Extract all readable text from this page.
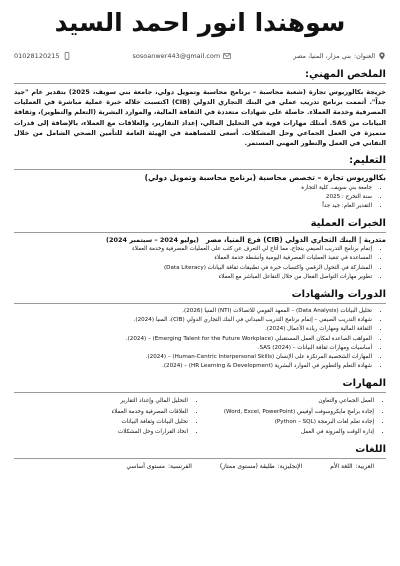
سوهندا انور احمد السيد
العنوان:
بني مزار، المنيا، مصر
sosoanwer443@gmail.com
01028120215
الملخص المهني:

خريجة بكالوريوس تجارة (شعبة محاسبة – برنامج محاسبة وتمويل دولي، جامعة بني سويف، 2025) بتقدير عام "جيد جداً". أتممت برنامج تدريب عملي في البنك التجاري الدولي (CIB) اكتسبت خلاله خبرة عملية مباشرة في العمليات المصرفية وخدمة العملاء. حاصلة على شهادات متعددة في الثقافة المالية، والموارد البشرية (التعلم والتطوير)، وثقافة البيانات من SAS. أمتلك مهارات قوية في التحليل المالي، إعداد التقارير، والعلاقات مع العملاء، بالإضافة إلى قدرات متميزة في العمل الجماعي وحل المشكلات. أسعى للمساهمة في الهيئة العامة للتأمين الصحي الشامل من خلال التفاني في العمل والتطور المهني المستمر.

التعليم:
بكالوريوس تجارة – تخصص محاسبة (برنامج محاسبة وتمويل دولي)
• جامعة بني سويف، كلية التجارة
• سنة التخرج : 2025
• التقدير العام: جيد جداً
الخبرات العملية
متدربة | البنك التجاري الدولي (CIB) فرع المنيا، مصر
(يوليو 2024 – سبتمبر 2024)
• إتمام برنامج التدريب الصيفي بنجاح، مما أتاح لي التعرف عن كثب على العمليات المصرفية وخدمة العملاء
• المساعدة في تنفيذ العمليات المصرفية اليومية وأنشطة خدمة العملاء
• المشاركة في التحول الرقمي واكتساب خبرة في تطبيقات ثقافة البيانات (Data Literacy)
• تطوير مهارات التواصل الفعال من خلال التفاعل المباشر مع العملاء
الدورات والشهادات
• تحليل البيانات (Data Analysis) – المعهد القومي للاتصالات (NTI) المنيا (2026).
• شهادة التدريب الصيفي – إتمام برنامج التدريب الميداني في البنك التجاري الدولي (CIB)، المنيا (2024).
• الثقافة المالية ومهارات ريادة الأعمال (2024).
• المواهب الصاعدة لمكان العمل المستقبلي (Emerging Talent for the Future Workplace) – (2024).
• أساسيات ومهارات ثقافة البيانات – SAS (2024).
• المهارات الشخصية المرتكزة على الإنسان (Human-Centric Interpersonal Skills) – (2024).
• شهادة التعلم والتطوير في الموارد البشرية (HR Learning & Development) – (2024).
المهارات
• العمل الجماعي والتعاون
• إجادة برامج مايكروسوفت أوفيس (Word, Excel, PowerPoint)
• إجادة تعلم لغات البرمجة (Python – SQL)
• إدارة الوقت والمرونة في العمل
• التحليل المالي وإعداد التقارير
• العلاقات المصرفية وخدمة العملاء
• تحليل البيانات وثقافة البيانات
• اتخاذ القرارات وحل المشكلات
اللغات
العربية:
اللغة الأم
الإنجليزية:
طليقة (مستوى ممتاز)
الفرنسية:
مستوى أساسي
